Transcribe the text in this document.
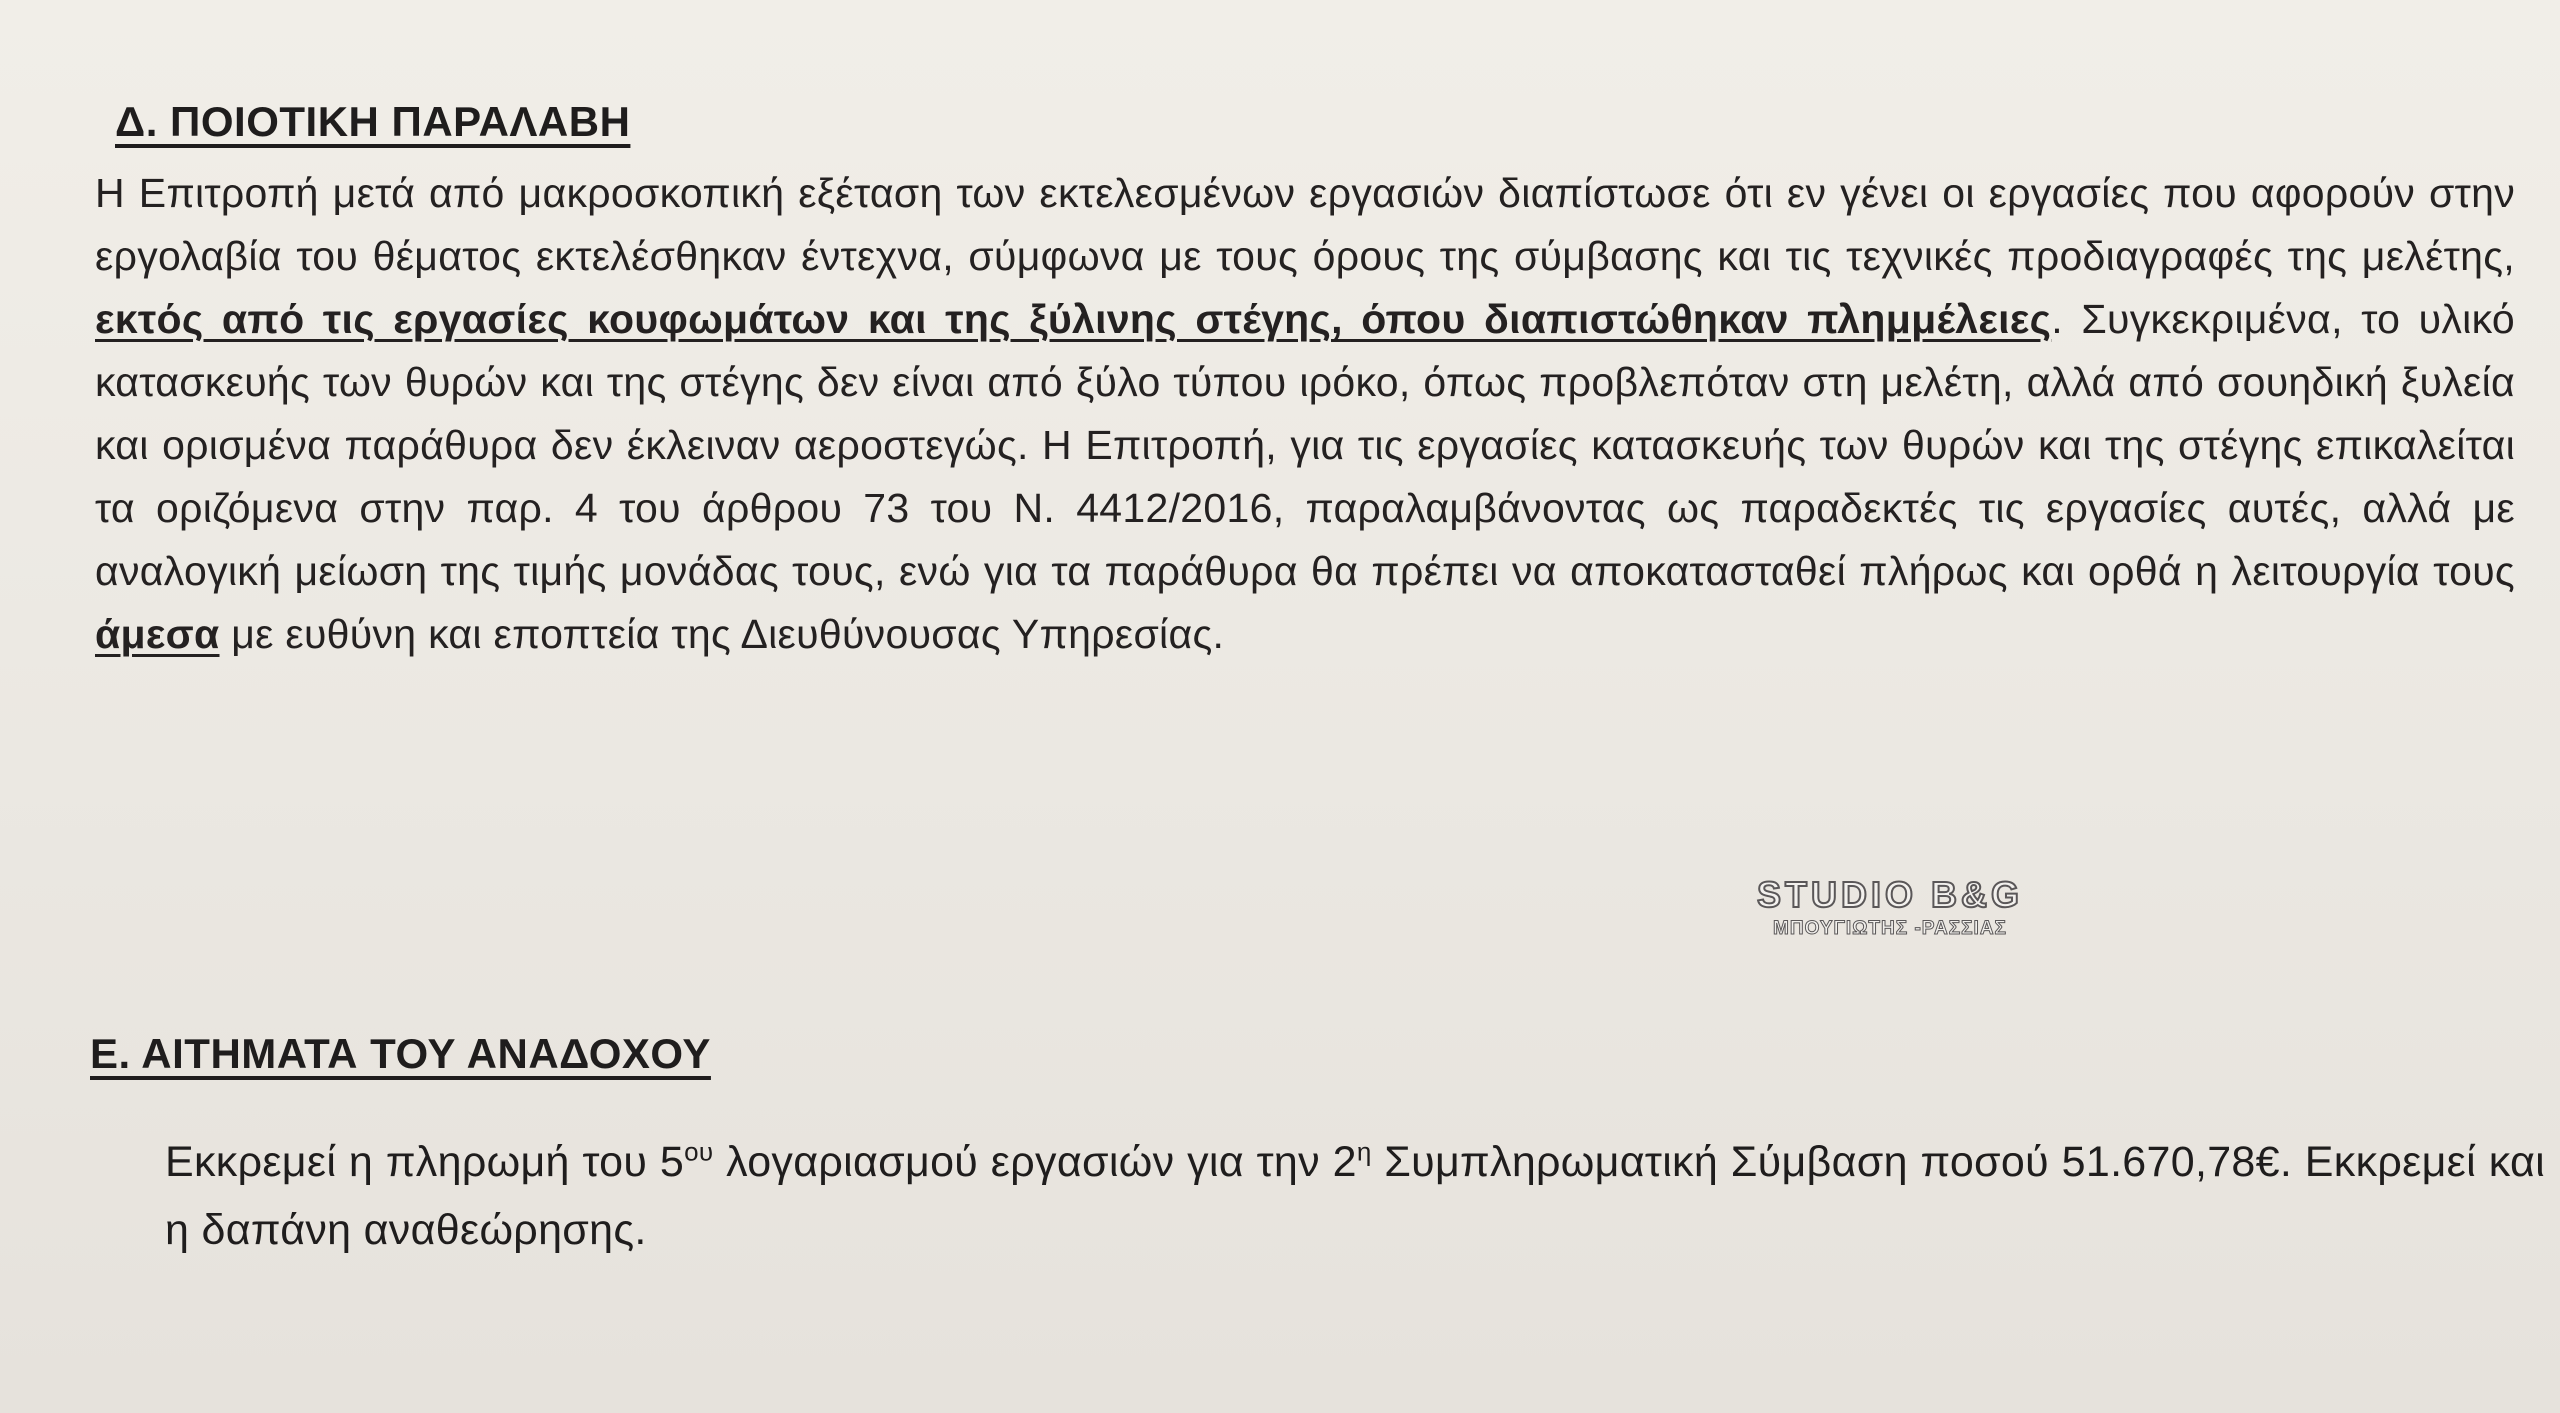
Δ. ΠΟΙΟΤΙΚΗ ΠΑΡΑΛΑΒΗ

Η Επιτροπή μετά από μακροσκοπική εξέταση των εκτελεσμένων εργασιών διαπίστωσε ότι εν γένει οι εργασίες που αφορούν στην εργολαβία του θέματος εκτελέσθηκαν έντεχνα, σύμφωνα με τους όρους της σύμβασης και τις τεχνικές προδιαγραφές της μελέτης, εκτός από τις εργασίες κουφωμάτων και της ξύλινης στέγης, όπου διαπιστώθηκαν πλημμέλειες. Συγκεκριμένα, το υλικό κατασκευής των θυρών και της στέγης δεν είναι από ξύλο τύπου ιρόκο, όπως προβλεπόταν στη μελέτη, αλλά από σουηδική ξυλεία και ορισμένα παράθυρα δεν έκλειναν αεροστεγώς. Η Επιτροπή, για τις εργασίες κατασκευής των θυρών και της στέγης επικαλείται τα οριζόμενα στην παρ. 4 του άρθρου 73 του Ν. 4412/2016, παραλαμβάνοντας ως παραδεκτές τις εργασίες αυτές, αλλά με αναλογική μείωση της τιμής μονάδας τους, ενώ για τα παράθυρα θα πρέπει να αποκατασταθεί πλήρως και ορθά η λειτουργία τους άμεσα με ευθύνη και εποπτεία της Διευθύνουσας Υπηρεσίας.

STUDIO B&G
ΜΠΟΥΓΙΩΤΗΣ -ΡΑΣΣΙΑΣ
Ε. ΑΙΤΗΜΑΤΑ ΤΟΥ ΑΝΑΔΟΧΟΥ

Εκκρεμεί η πληρωμή του $5^{o\upsilon}$ λογαριασμού εργασιών για την $2^\eta$ Συμπληρωματική Σύμβαση ποσού 51.670,78€. Εκκρεμεί και η δαπάνη αναθεώρησης.
